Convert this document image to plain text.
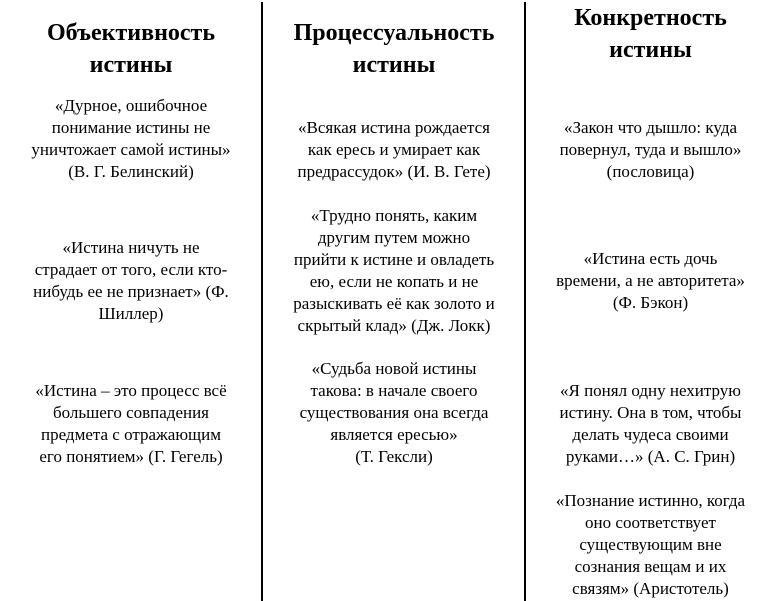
Объективность
истины
«Дурное, ошибочное
понимание истины не
уничтожает самой истины»
(В. Г. Белинский)
«Истина ничуть не
страдает от того, если кто-
нибудь ее не признает» (Ф.
Шиллер)
«Истина – это процесс всё
большего совпадения
предмета с отражающим
его понятием» (Г. Гегель)
Процессуальность
истины
«Всякая истина рождается
как ересь и умирает как
предрассудок» (И. В. Гете)
«Трудно понять, каким
другим путем можно
прийти к истине и овладеть
ею, если не копать и не
разыскивать её как золото и
скрытый клад» (Дж. Локк)
«Судьба новой истины
такова: в начале своего
существования она всегда
является ересью»
(Т. Гексли)
Конкретность
истины
«Закон что дышло: куда
повернул, туда и вышло»
(пословица)
«Истина есть дочь
времени, а не авторитета»
(Ф. Бэкон)
«Я понял одну нехитрую
истину. Она в том, чтобы
делать чудеса своими
руками…» (А. С. Грин)
«Познание истинно, когда
оно соответствует
существующим вне
сознания вещам и их
связям» (Аристотель)
